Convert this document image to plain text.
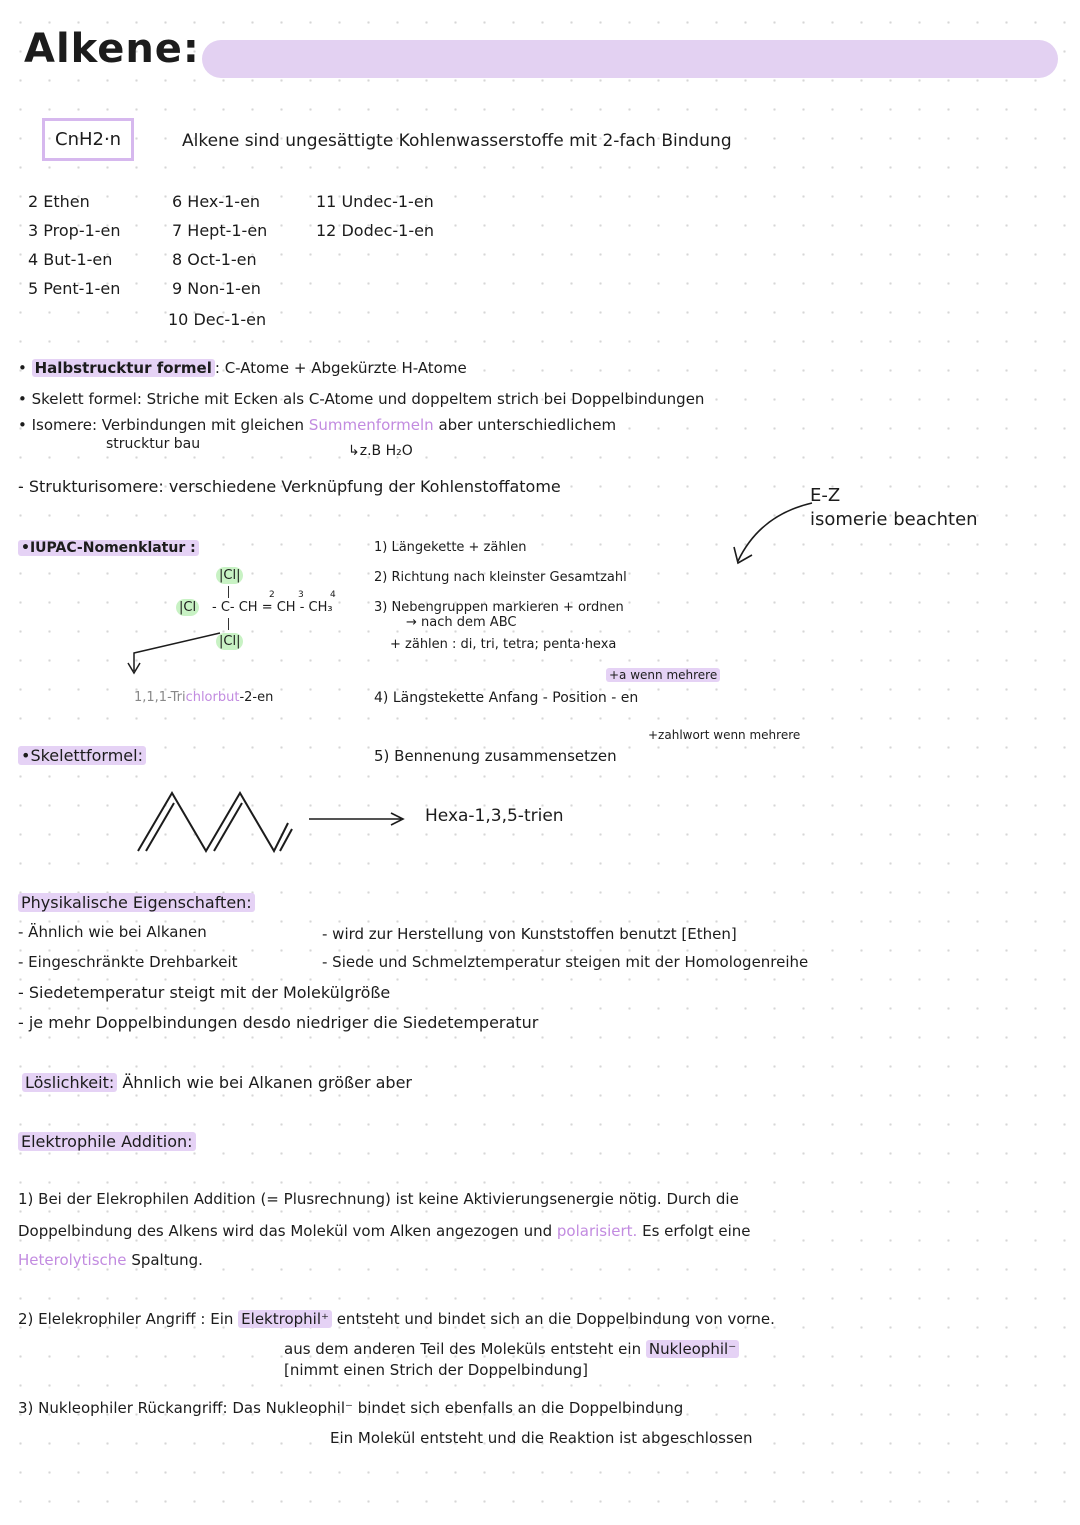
Alkene:
CnH2·n	Alkene sind ungesättigte Kohlenwasserstoffe mit 2-fach Bindung
2 Ethen
3 Prop-1-en
4 But-1-en
5 Pent-1-en
6 Hex-1-en
7 Hept-1-en
8 Oct-1-en
9 Non-1-en
10 Dec-1-en
11 Undec-1-en
12 Dodec-1-en
• Halbstrucktur formel : C-Atome + Abgekürzte H-Atome
• Skelett formel: Striche mit Ecken als C-Atome und doppeltem strich bei Doppelbindungen
• Isomere: Verbindungen mit gleichen Summenformeln aber unterschiedlichem
strucktur bau	↳z.B H₂O
- Strukturisomere: verschiedene Verknüpfung der Kohlenstoffatome	E-Z
isomerie beachten
•IUPAC-Nomenklatur :
|Cl|
|Cl - C- CH = CH - CH₃
|Cl|
2	3	4
1,1,1-Trichlorbut-2-en
1) Längekette + zählen
2) Richtung nach kleinster Gesamtzahl
3) Nebengruppen markieren + ordnen
→ nach dem ABC
+ zählen : di, tri, tetra; penta·hexa
+a wenn mehrere
4) Längstekette Anfang - Position - en
+zahlwort wenn mehrere
5) Bennenung zusammensetzen
•Skelettformel:
Hexa-1,3,5-trien
Physikalische Eigenschaften:
- Ähnlich wie bei Alkanen
- Eingeschränkte Drehbarkeit
- Siedetemperatur steigt mit der Molekülgröße
- je mehr Doppelbindungen desdo niedriger die Siedetemperatur
- wird zur Herstellung von Kunststoffen benutzt [Ethen]
- Siede und Schmelztemperatur steigen mit der Homologenreihe
Löslichkeit: Ähnlich wie bei Alkanen größer aber
Elektrophile Addition:
1) Bei der Elekrophilen Addition (= Plusrechnung) ist keine Aktivierungsenergie nötig. Durch die
Doppelbindung des Alkens wird das Molekül vom Alken angezogen und polarisiert. Es erfolgt eine
Heterolytische Spaltung.
2) Elelekrophiler Angriff : Ein Elektrophil⁺ entsteht und bindet sich an die Doppelbindung von vorne.
aus dem anderen Teil des Moleküls entsteht ein Nukleophil⁻
[nimmt einen Strich der Doppelbindung]
3) Nukleophiler Rückangriff: Das Nukleophil⁻ bindet sich ebenfalls an die Doppelbindung
Ein Molekül entsteht und die Reaktion ist abgeschlossen
